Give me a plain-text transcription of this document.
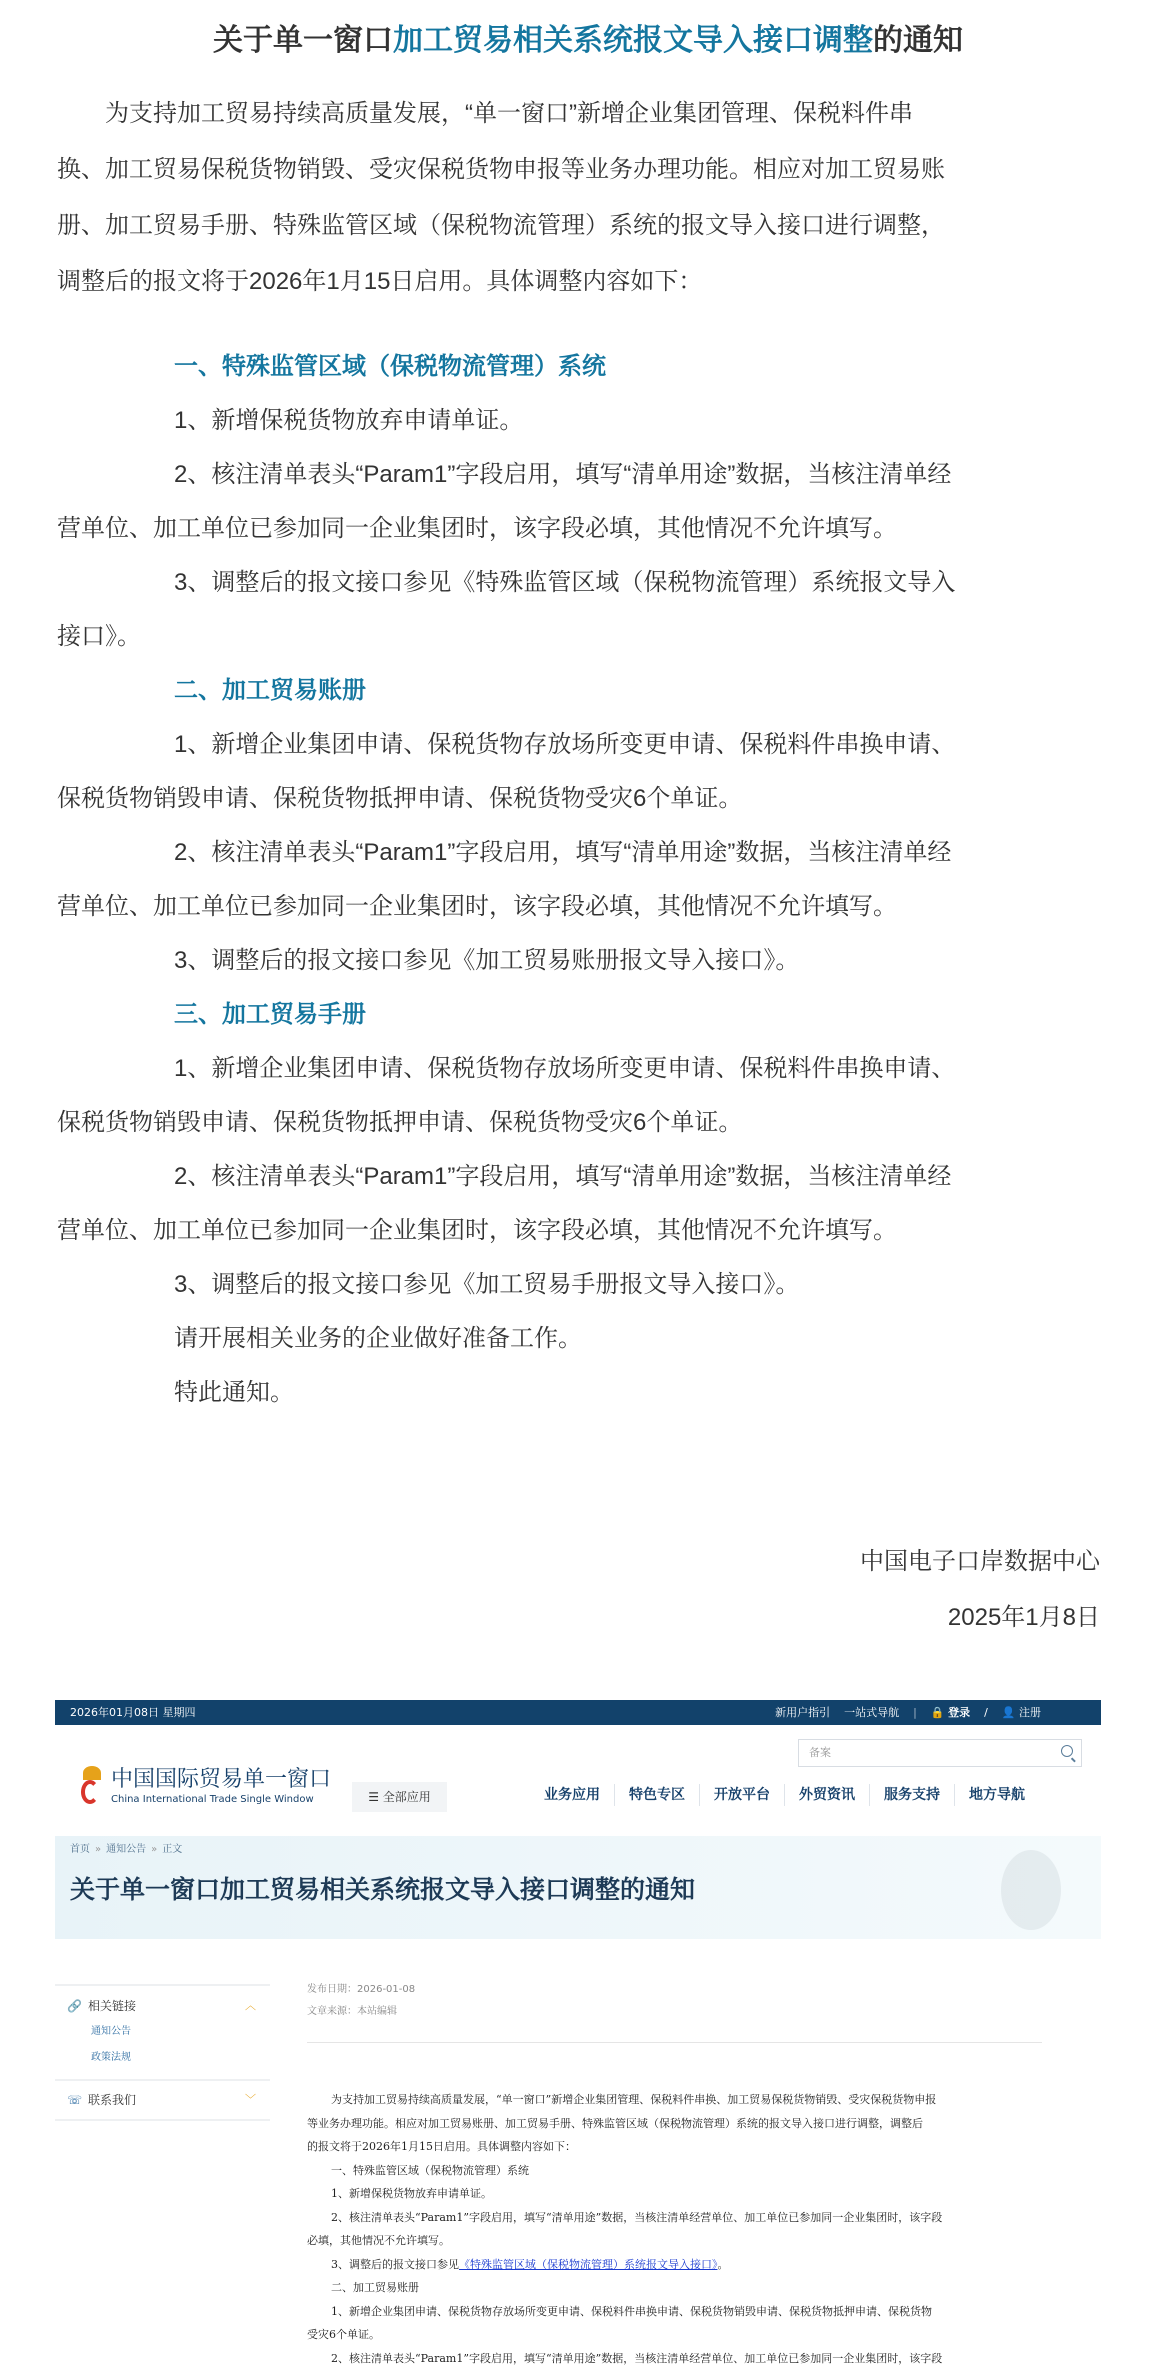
关于单一窗口加工贸易相关系统报文导入接口调整的通知
为支持加工贸易持续高质量发展，“单一窗口”新增企业集团管理、保税料件串
换、加工贸易保税货物销毁、受灾保税货物申报等业务办理功能。相应对加工贸易账
册、加工贸易手册、特殊监管区域（保税物流管理）系统的报文导入接口进行调整，
调整后的报文将于2026年1月15日启用。具体调整内容如下：
一、特殊监管区域（保税物流管理）系统
1、新增保税货物放弃申请单证。
2、核注清单表头“Param1”字段启用，填写“清单用途”数据，当核注清单经
营单位、加工单位已参加同一企业集团时，该字段必填，其他情况不允许填写。
3、调整后的报文接口参见《特殊监管区域（保税物流管理）系统报文导入
接口》。
二、加工贸易账册
1、新增企业集团申请、保税货物存放场所变更申请、保税料件串换申请、
保税货物销毁申请、保税货物抵押申请、保税货物受灾6个单证。
2、核注清单表头“Param1”字段启用，填写“清单用途”数据，当核注清单经
营单位、加工单位已参加同一企业集团时，该字段必填，其他情况不允许填写。
3、调整后的报文接口参见《加工贸易账册报文导入接口》。
三、加工贸易手册
1、新增企业集团申请、保税货物存放场所变更申请、保税料件串换申请、
保税货物销毁申请、保税货物抵押申请、保税货物受灾6个单证。
2、核注清单表头“Param1”字段启用，填写“清单用途”数据，当核注清单经
营单位、加工单位已参加同一企业集团时，该字段必填，其他情况不允许填写。
3、调整后的报文接口参见《加工贸易手册报文导入接口》。
请开展相关业务的企业做好准备工作。
特此通知。
中国电子口岸数据中心
2025年1月8日
2026年01月08日 星期四	新用户指引 一站式导航 | 🔒 登录 / 👤 注册
备案
中国国际贸易单一窗口
China International Trade Single Window	☰ 全部应用	业务应用	特色专区	开放平台	外贸资讯	服务支持	地方导航
首页 » 通知公告 » 正文
关于单一窗口加工贸易相关系统报文导入接口调整的通知
🔗 相关链接	︿
通知公告
政策法规
☏ 联系我们	﹀
发布日期：2026-01-08
文章来源：本站编辑
为支持加工贸易持续高质量发展，“单一窗口”新增企业集团管理、保税料件串换、加工贸易保税货物销毁、受灾保税货物申报
等业务办理功能。相应对加工贸易账册、加工贸易手册、特殊监管区域（保税物流管理）系统的报文导入接口进行调整，调整后
的报文将于2026年1月15日启用。具体调整内容如下：
一、特殊监管区域（保税物流管理）系统
1、新增保税货物放弃申请单证。
2、核注清单表头“Param1”字段启用，填写“清单用途”数据，当核注清单经营单位、加工单位已参加同一企业集团时，该字段
必填，其他情况不允许填写。
3、调整后的报文接口参见《特殊监管区域（保税物流管理）系统报文导入接口》。
二、加工贸易账册
1、新增企业集团申请、保税货物存放场所变更申请、保税料件串换申请、保税货物销毁申请、保税货物抵押申请、保税货物
受灾6个单证。
2、核注清单表头“Param1”字段启用，填写“清单用途”数据，当核注清单经营单位、加工单位已参加同一企业集团时，该字段
